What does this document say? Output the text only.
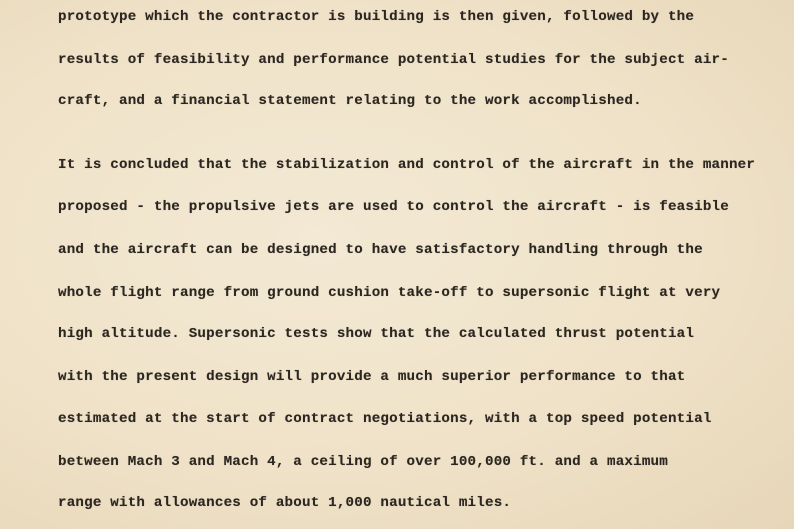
prototype which the contractor is building is then given, followed by the

results of feasibility and performance potential studies for the subject air-

craft, and a financial statement relating to the work accomplished.

It is concluded that the stabilization and control of the aircraft in the manner

proposed - the propulsive jets are used to control the aircraft - is feasible

and the aircraft can be designed to have satisfactory handling through the

whole flight range from ground cushion take-off to supersonic flight at very

high altitude. Supersonic tests show that the calculated thrust potential

with the present design will provide a much superior performance to that

estimated at the start of contract negotiations, with a top speed potential

between Mach 3 and Mach 4, a ceiling of over 100,000 ft. and a maximum

range with allowances of about 1,000 nautical miles.
